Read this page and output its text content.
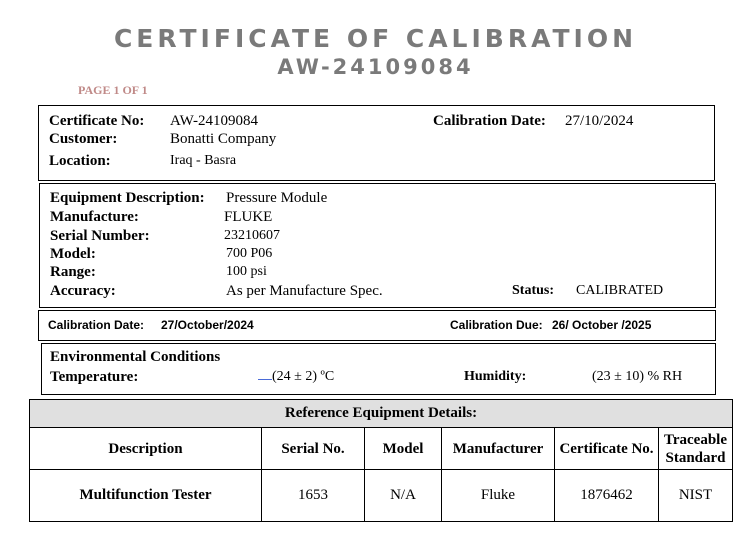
CERTIFICATE OF CALIBRATION
AW-24109084
PAGE 1 OF 1
Certificate No: AW-24109084	Calibration Date: 27/10/2024
Customer:	Bonatti Company
Location:	Iraq - Basra
Equipment Description: Pressure Module
Manufacture:	FLUKE
Serial Number:	23210607
Model:	700 P06
Range:	100 psi
Accuracy:	As per Manufacture Spec.	Status: CALIBRATED
Calibration Date: 27/October/2024	Calibration Due: 26/ October /2025
Environmental Conditions
Temperature:	(24 ± 2) ºC	Humidity:	(23 ± 10) % RH
Reference Equipment Details:					
Description	Serial No.	Model	Manufacturer	Certificate No.	Traceable Standard
Multifunction Tester	1653	N/A	Fluke	1876462	NIST
